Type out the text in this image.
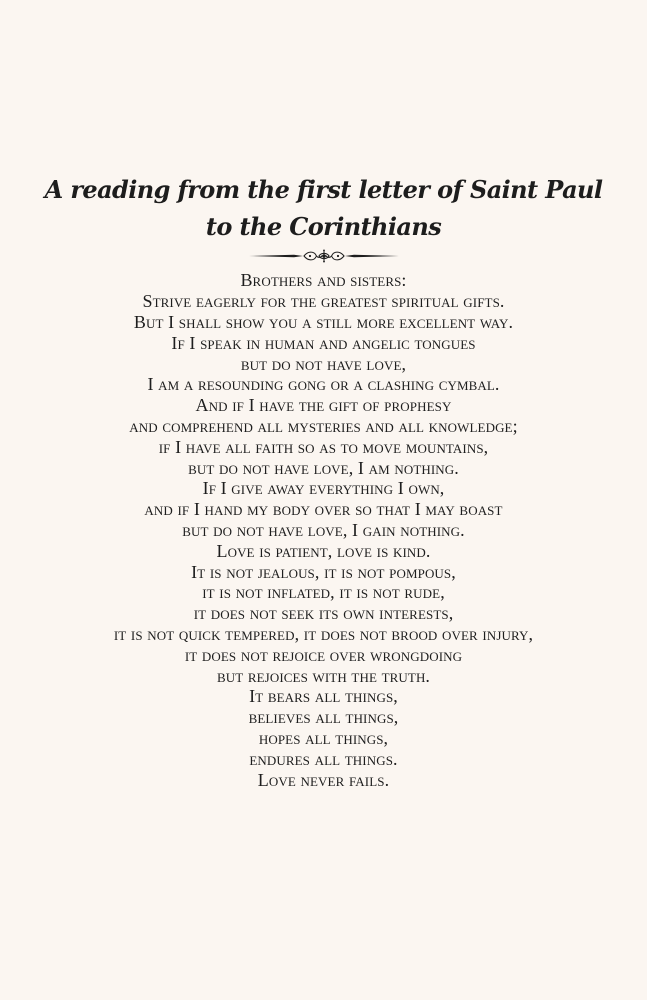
A reading from the first letter of Saint Paul
to the Corinthians
Brothers and sisters:
Strive eagerly for the greatest spiritual gifts.
But I shall show you a still more excellent way.
If I speak in human and angelic tongues
but do not have love,
I am a resounding gong or a clashing cymbal.
And if I have the gift of prophesy
and comprehend all mysteries and all knowledge;
if I have all faith so as to move mountains,
but do not have love, I am nothing.
If I give away everything I own,
and if I hand my body over so that I may boast
but do not have love, I gain nothing.
Love is patient, love is kind.
It is not jealous, it is not pompous,
it is not inflated, it is not rude,
it does not seek its own interests,
it is not quick tempered, it does not brood over injury,
it does not rejoice over wrongdoing
but rejoices with the truth.
It bears all things,
believes all things,
hopes all things,
endures all things.
Love never fails.
